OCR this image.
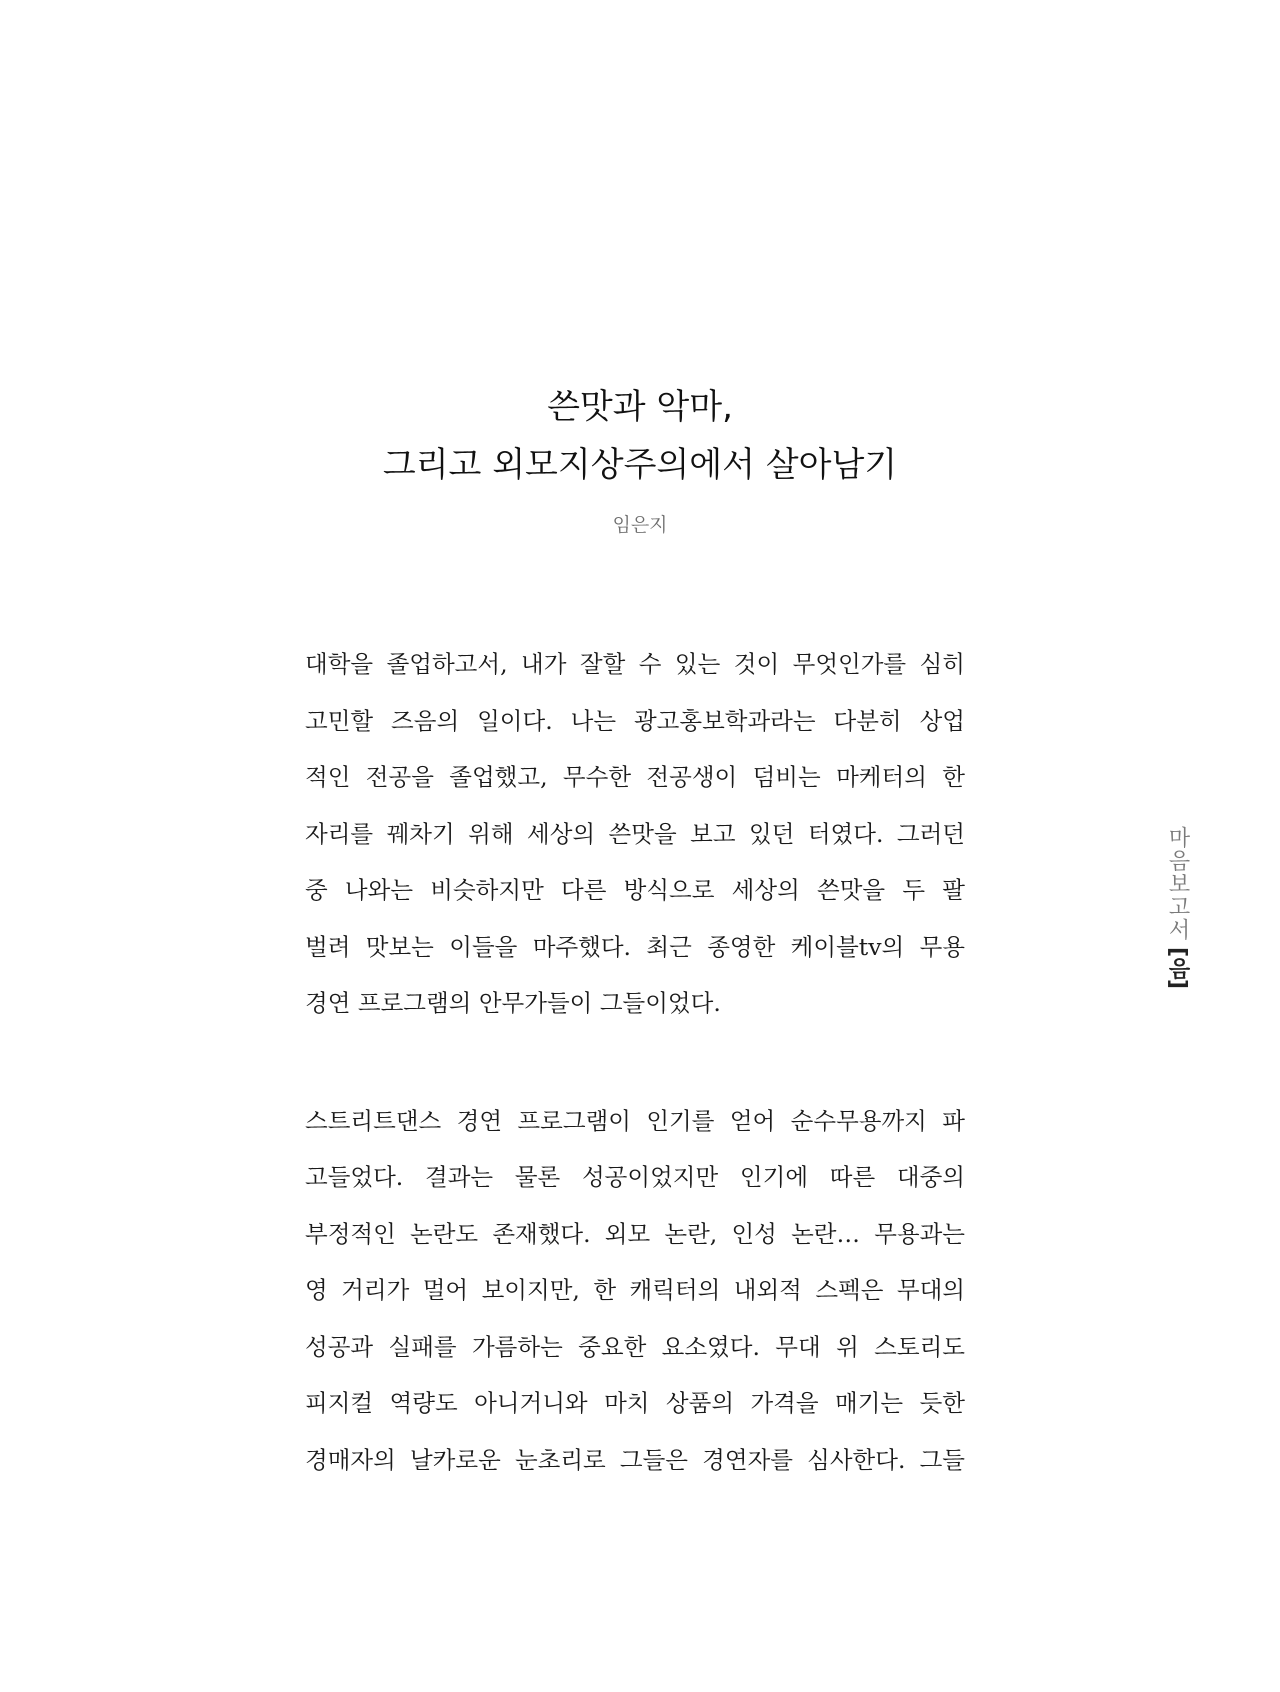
쓴맛과 악마,
그리고 외모지상주의에서 살아남기
임은지

대학을 졸업하고서, 내가 잘할 수 있는 것이 무엇인가를 심히
고민할 즈음의 일이다. 나는 광고홍보학과라는 다분히 상업
적인 전공을 졸업했고, 무수한 전공생이 덤비는 마케터의 한
자리를 꿰차기 위해 세상의 쓴맛을 보고 있던 터였다. 그러던
중 나와는 비슷하지만 다른 방식으로 세상의 쓴맛을 두 팔
벌려 맛보는 이들을 마주했다. 최근 종영한 케이블tv의 무용
경연 프로그램의 안무가들이 그들이었다.

스트리트댄스 경연 프로그램이 인기를 얻어 순수무용까지 파
고들었다. 결과는 물론 성공이었지만 인기에 따른 대중의
부정적인 논란도 존재했다. 외모 논란, 인성 논란… 무용과는
영 거리가 멀어 보이지만, 한 캐릭터의 내외적 스펙은 무대의
성공과 실패를 가름하는 중요한 요소였다. 무대 위 스토리도
피지컬 역량도 아니거니와 마치 상품의 가격을 매기는 듯한
경매자의 날카로운 눈초리로 그들은 경연자를 심사한다. 그들

마음보고서
[음]
